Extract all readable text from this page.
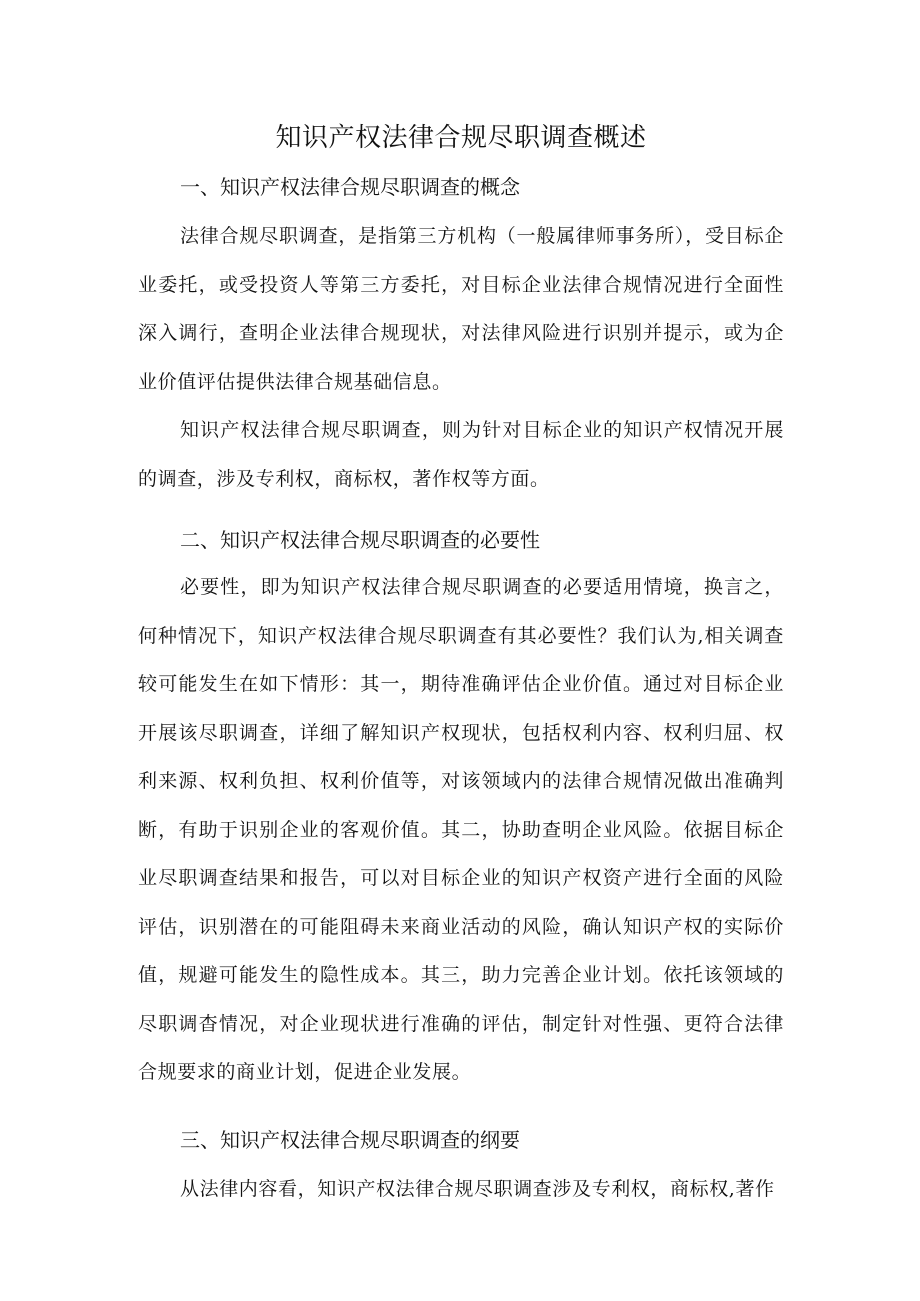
知识产权法律合规尽职调查概述
一、知识产权法律合规尽职调查的概念

法律合规尽职调查，是指第三方机构（一般属律师事务所），受目标企业委托，或受投资人等第三方委托，对目标企业法律合规情况进行全面性深入调行，查明企业法律合规现状，对法律风险进行识别并提示，或为企业价值评估提供法律合规基础信息。

知识产权法律合规尽职调查，则为针对目标企业的知识产权情况开展的调查，涉及专利权，商标权，著作权等方面。

二、知识产权法律合规尽职调查的必要性

必要性，即为知识产权法律合规尽职调查的必要适用情境，换言之，何种情况下，知识产权法律合规尽职调查有其必要性？我们认为,相关调查较可能发生在如下情形：其一，期待准确评估企业价值。通过对目标企业开展该尽职调查，详细了解知识产权现状，包括权利内容、权利归屈、权利来源、权利负担、权利价值等，对该领域内的法律合规情况做出准确判断，有助于识别企业的客观价值。其二，协助查明企业风险。依据目标企业尽职调查结果和报告，可以对目标企业的知识产权资产进行全面的风险评估，识别潜在的可能阻碍未来商业活动的风险，确认知识产权的实际价值，规避可能发生的隐性成本。其三，助力完善企业计划。依托该领域的尽职调杳情况，对企业现状进行准确的评估，制定针对性强、更符合法律合规要求的商业计划，促进企业发展。

三、知识产权法律合规尽职调查的纲要

从法律内容看，知识产权法律合规尽职调查涉及专利权，商标权,著作
